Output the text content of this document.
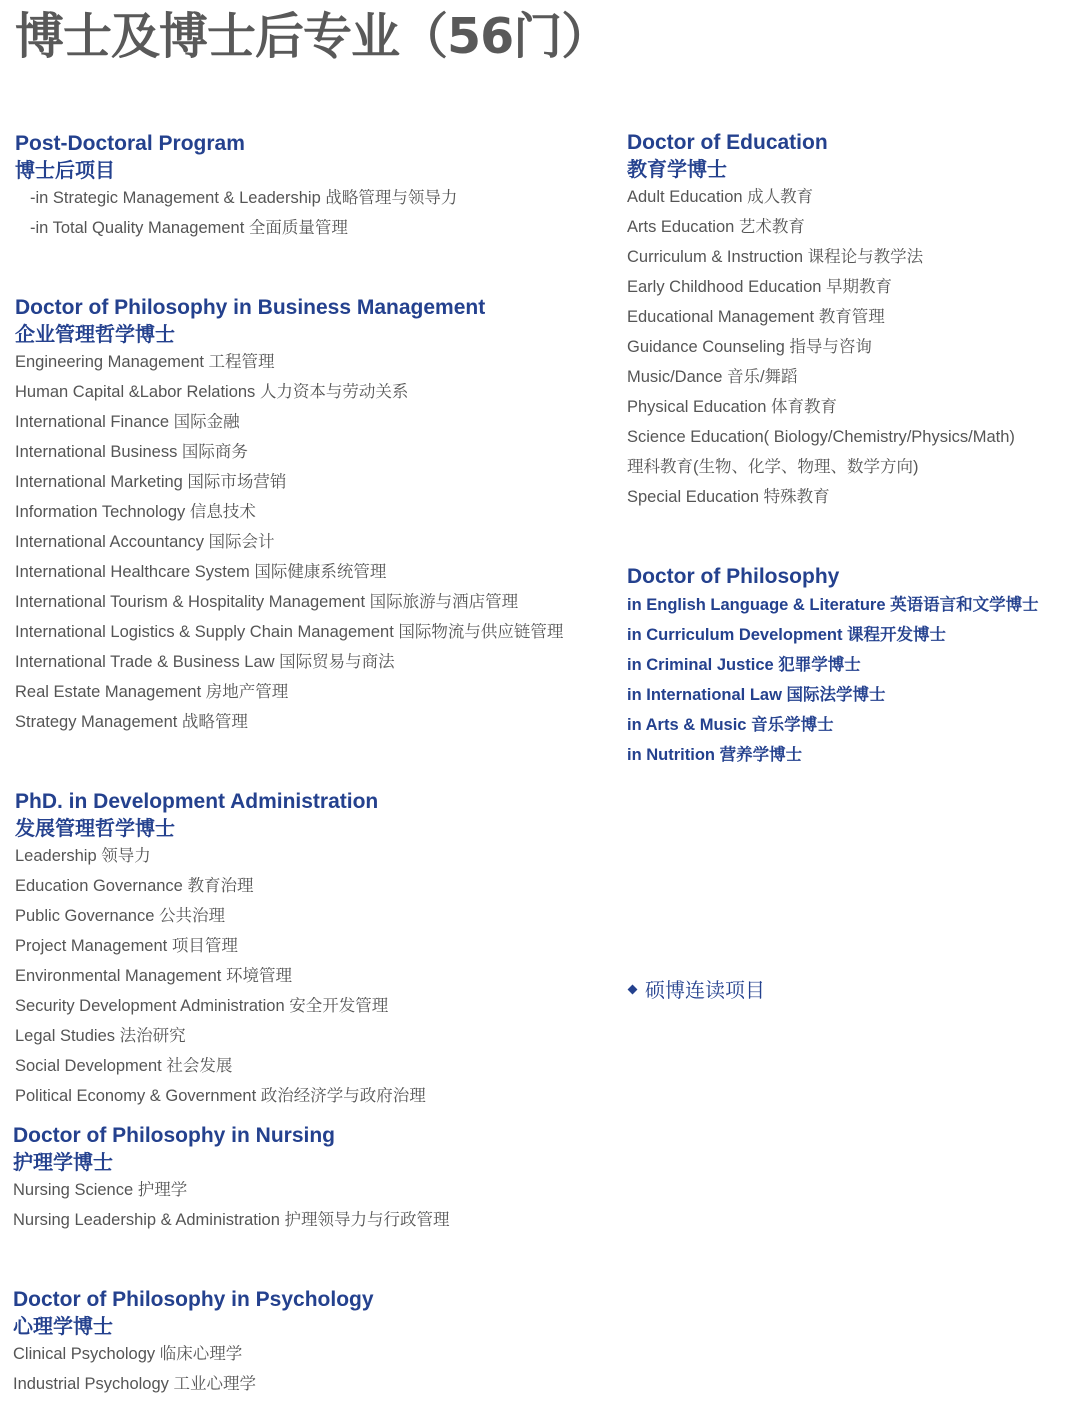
博士及博士后专业（56门）
Post-Doctoral Program
博士后项目
-in Strategic Management & Leadership 战略管理与领导力
-in Total Quality Management 全面质量管理
Doctor of Philosophy in Business Management
企业管理哲学博士
Engineering Management 工程管理
Human Capital &Labor Relations 人力资本与劳动关系
International Finance 国际金融
International Business 国际商务
International Marketing 国际市场营销
Information Technology 信息技术
International Accountancy 国际会计
International Healthcare System 国际健康系统管理
International Tourism & Hospitality Management 国际旅游与酒店管理
International Logistics & Supply Chain Management 国际物流与供应链管理
International Trade & Business Law 国际贸易与商法
Real Estate Management 房地产管理
Strategy Management 战略管理
PhD. in Development Administration
发展管理哲学博士
Leadership 领导力
Education Governance 教育治理
Public Governance 公共治理
Project Management 项目管理
Environmental Management 环境管理
Security Development Administration 安全开发管理
Legal Studies 法治研究
Social Development 社会发展
Political Economy & Government 政治经济学与政府治理
Doctor of Philosophy in Nursing
护理学博士
Nursing Science 护理学
Nursing Leadership & Administration 护理领导力与行政管理
Doctor of Philosophy in Psychology
心理学博士
Clinical Psychology 临床心理学
Industrial Psychology 工业心理学
Doctor of Education
教育学博士
Adult Education 成人教育
Arts Education 艺术教育
Curriculum & Instruction 课程论与教学法
Early Childhood Education 早期教育
Educational Management 教育管理
Guidance Counseling 指导与咨询
Music/Dance 音乐/舞蹈
Physical Education 体育教育
Science Education( Biology/Chemistry/Physics/Math)
理科教育(生物、化学、物理、数学方向)
Special Education 特殊教育
Doctor of Philosophy
in English Language & Literature 英语语言和文学博士
in Curriculum Development 课程开发博士
in Criminal Justice 犯罪学博士
in International Law 国际法学博士
in Arts & Music 音乐学博士
in Nutrition 营养学博士
硕博连读项目
